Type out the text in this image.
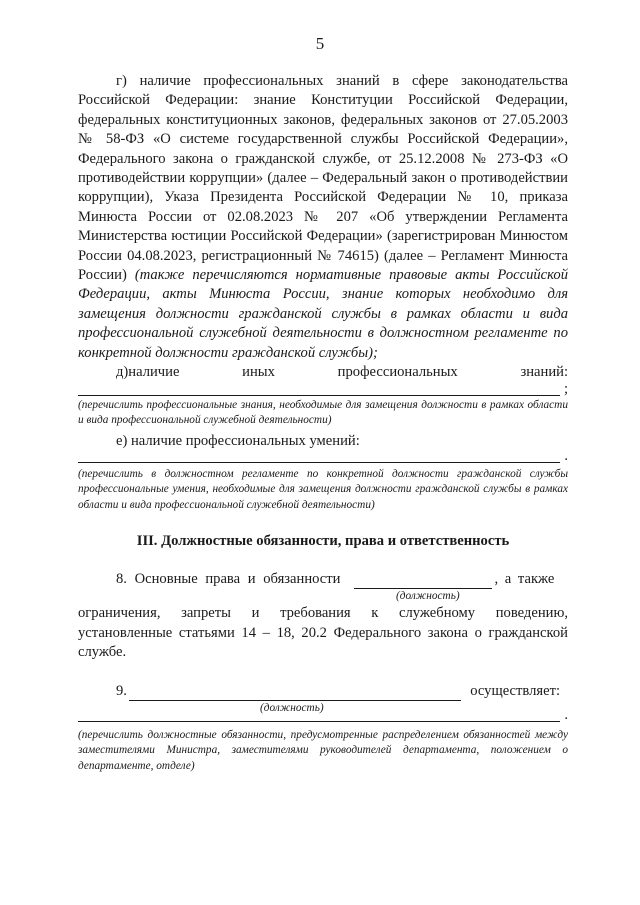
5

г) наличие профессиональных знаний в сфере законодательства Российской Федерации: знание Конституции Российской Федерации, федеральных конституционных законов, федеральных законов от 27.05.2003 № 58-ФЗ «О системе государственной службы Российской Федерации», Федерального закона о гражданской службе, от 25.12.2008 № 273-ФЗ «О противодействии коррупции» (далее – Федеральный закон о противодействии коррупции), Указа Президента Российской Федерации № 10, приказа Минюста России от 02.08.2023 № 207 «Об утверждении Регламента Министерства юстиции Российской Федерации» (зарегистрирован Минюстом России 04.08.2023, регистрационный № 74615) (далее – Регламент Минюста России) (также перечисляются нормативные правовые акты Российской Федерации, акты Минюста России, знание которых необходимо для замещения должности гражданской службы в рамках области и вида профессиональной служебной деятельности в должностном регламенте по конкретной должности гражданской службы);

д)наличие иных профессиональных знаний:

;

(перечислить профессиональные знания, необходимые для замещения должности в рамках области и вида профессиональной служебной деятельности)

е) наличие профессиональных умений:

.

(перечислить в должностном регламенте по конкретной должности гражданской службы профессиональные умения, необходимые для замещения должности гражданской службы в рамках области и вида профессиональной служебной деятельности)

III. Должностные обязанности, права и ответственность

8. Основные права и обязанности	, а также
(должность)

ограничения, запреты и требования к служебному поведению,

установленные статьями 14 – 18, 20.2 Федерального закона о гражданской службе.

9.	осуществляет:
(должность)	.

(перечислить должностные обязанности, предусмотренные распределением обязанностей между заместителями Министра, заместителями руководителей департамента, положением о департаменте, отделе)
